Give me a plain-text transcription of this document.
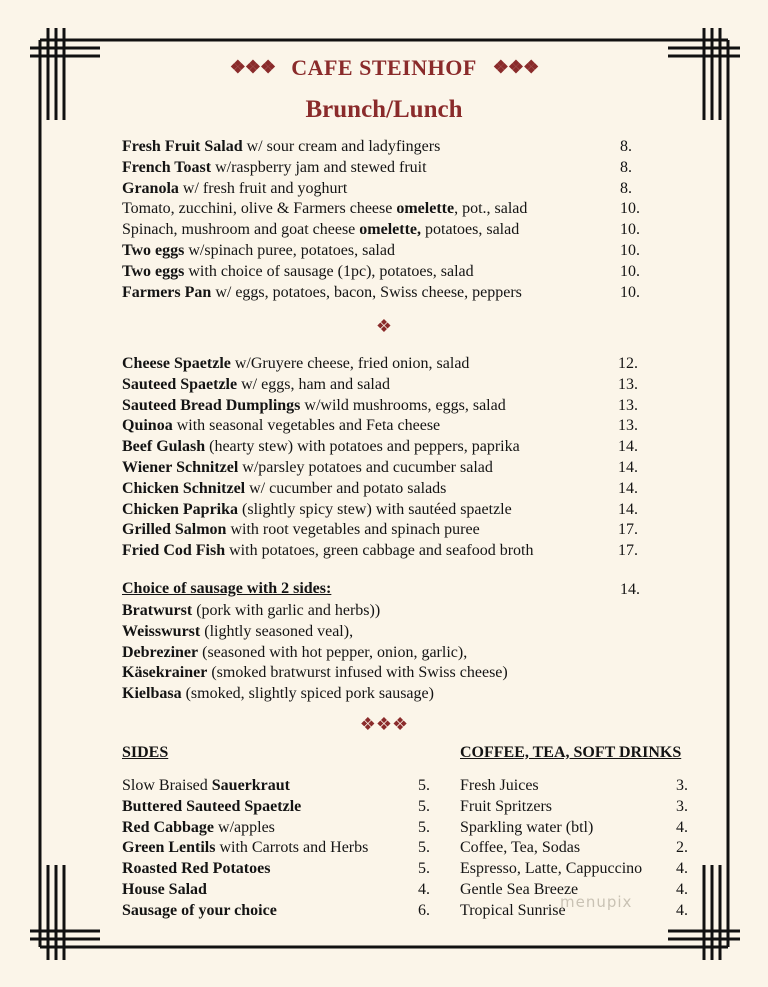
❖❖❖ CAFE STEINHOF ❖❖❖
Brunch/Lunch
Fresh Fruit Salad w/ sour cream and ladyfingers	8.
French Toast w/raspberry jam and stewed fruit	8.
Granola w/ fresh fruit and yoghurt	8.
Tomato, zucchini, olive & Farmers cheese omelette, pot., salad	10.
Spinach, mushroom and goat cheese omelette, potatoes, salad	10.
Two eggs w/spinach puree, potatoes, salad	10.
Two eggs with choice of sausage (1pc), potatoes, salad	10.
Farmers Pan w/ eggs, potatoes, bacon, Swiss cheese, peppers	10.
❖
Cheese Spaetzle w/Gruyere cheese, fried onion, salad	12.
Sauteed Spaetzle w/ eggs, ham and salad	13.
Sauteed Bread Dumplings w/wild mushrooms, eggs, salad	13.
Quinoa with seasonal vegetables and Feta cheese	13.
Beef Gulash (hearty stew) with potatoes and peppers, paprika	14.
Wiener Schnitzel w/parsley potatoes and cucumber salad	14.
Chicken Schnitzel w/ cucumber and potato salads	14.
Chicken Paprika (slightly spicy stew) with sautéed spaetzle	14.
Grilled Salmon with root vegetables and spinach puree	17.
Fried Cod Fish with potatoes, green cabbage and seafood broth	17.
Choice of sausage with 2 sides:	14.
Bratwurst (pork with garlic and herbs))
Weisswurst (lightly seasoned veal),
Debreziner (seasoned with hot pepper, onion, garlic),
Käsekrainer (smoked bratwurst infused with Swiss cheese)
Kielbasa (smoked, slightly spiced pork sausage)
❖❖❖
SIDES	COFFEE, TEA, SOFT DRINKS
Slow Braised Sauerkraut	5.
Buttered Sauteed Spaetzle	5.
Red Cabbage w/apples	5.
Green Lentils with Carrots and Herbs	5.
Roasted Red Potatoes	5.
House Salad	4.
Sausage of your choice	6.
Fresh Juices	3.
Fruit Spritzers	3.
Sparkling water (btl)	4.
Coffee, Tea, Sodas	2.
Espresso, Latte, Cappuccino 4.
Gentle Sea Breeze	4.
Tropical Sunrise	4.
menupix
